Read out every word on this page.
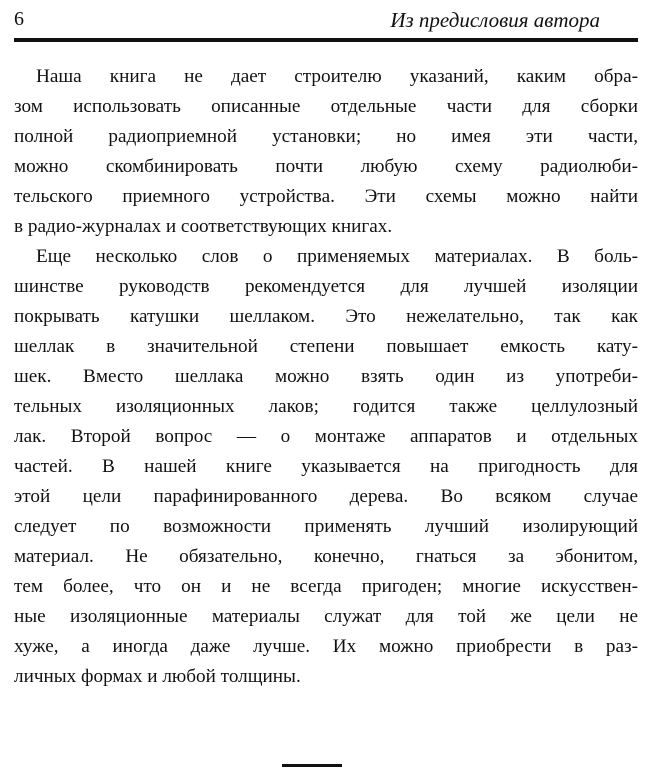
6	Из предисловия автора

Наша книга не дает строителю указаний, каким обра-
зом использовать описанные отдельные части для сборки
полной радиоприемной установки; но имея эти части,
можно скомбинировать почти любую схему радиолюби-
тельского приемного устройства. Эти схемы можно найти
в радио-журналах и соответствующих книгах.

Еще несколько слов о применяемых материалах. В боль-
шинстве руководств рекомендуется для лучшей изоляции
покрывать катушки шеллаком. Это нежелательно, так как
шеллак в значительной степени повышает емкость кату-
шек. Вместо шеллака можно взять один из употреби-
тельных изоляционных лаков; годится также целлулозный
лак. Второй вопрос — о монтаже аппаратов и отдельных
частей. В нашей книге указывается на пригодность для
этой цели парафинированного дерева. Во всяком случае
следует по возможности применять лучший изолирующий
материал. Не обязательно, конечно, гнаться за эбонитом,
тем более, что он и не всегда пригоден; многие искусствен-
ные изоляционные материалы служат для той же цели не
хуже, а иногда даже лучше. Их можно приобрести в раз-
личных формах и любой толщины.
